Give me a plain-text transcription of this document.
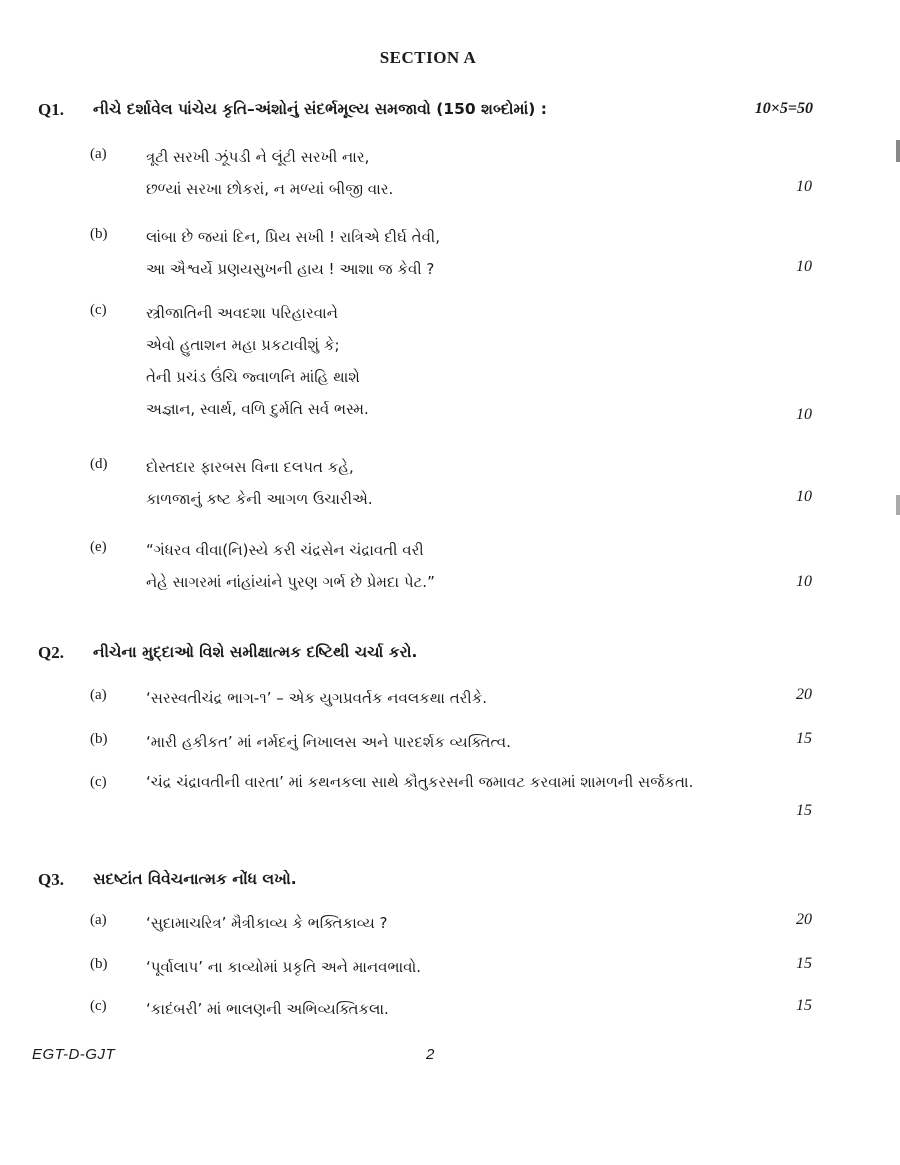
SECTION A
Q1. નીચે દર્શાવેલ પાંચેય કૃતિ–અંશોનું સંદર્ભમૂલ્ય સમજાવો (150 શબ્દોમાં) :	10×5=50
(a)	ત્રૂટી સરખી ઝૂંપડી ને લૂંટી સરખી નાર,
છળ્યાં સરખા છોકરાં, ન મળ્યાં બીજી વાર.	10
(b)	લાંબા છે જયાં દિન, પ્રિય સખી ! રાત્રિએ દીર્ઘ તેવી,
આ ઐશ્વર્યે પ્રણયસુખની હાય ! આશા જ કેવી ?	10
(c)	સ્ત્રીજાતિની અવદશા પરિહારવાને
એવો હુતાશન મહા પ્રકટાવીશું કે;
તેની પ્રચંડ ઉંચિ જ્વાળનિ માંહિ થાશે
અજ્ઞાન, સ્વાર્થ, વળિ દુર્મતિ સર્વ ભસ્મ.	10
(d)	દોસ્તદાર ફારબસ વિના દલપત કહે,
કાળજાનું કષ્ટ કેની આગળ ઉચારીએ.	10
(e)	“ગંધરવ વીવા(નિ)સ્યે કરી ચંદ્રસેન ચંદ્રાવતી વરી
નેહે સાગરમાં નાંહાંયાંને પુરણ ગર્ભ છે પ્રેમદા પેટ.”	10
Q2. નીચેના મુદ્દાઓ વિશે સમીક્ષાત્મક દષ્ટિથી ચર્ચા કરો.
(a)	‘સરસ્વતીચંદ્ર ભાગ-૧’ – એક યુગપ્રવર્તક નવલકથા તરીકે.	20
(b)	‘મારી હકીકત’ માં નર્મદનું નિખાલસ અને પારદર્શક વ્યક્તિત્વ.	15
(c)	‘ચંદ્ર ચંદ્રાવતીની વારતા’ માં કથનકલા સાથે કૌતુકરસની જમાવટ કરવામાં શામળની સર્જકતા.
15
Q3. સદષ્ટાંત વિવેચનાત્મક નોંધ લખો.
(a)	‘સુદામાચરિત્ર’ મૈત્રીકાવ્ય કે ભક્તિકાવ્ય ?	20
(b)	‘પૂર્વાલાપ’ ના કાવ્યોમાં પ્રકૃતિ અને માનવભાવો.	15
(c)	‘કાદંબરી’ માં ભાલણની અભિવ્યક્તિકલા.	15
EGT-D-GJT	2
